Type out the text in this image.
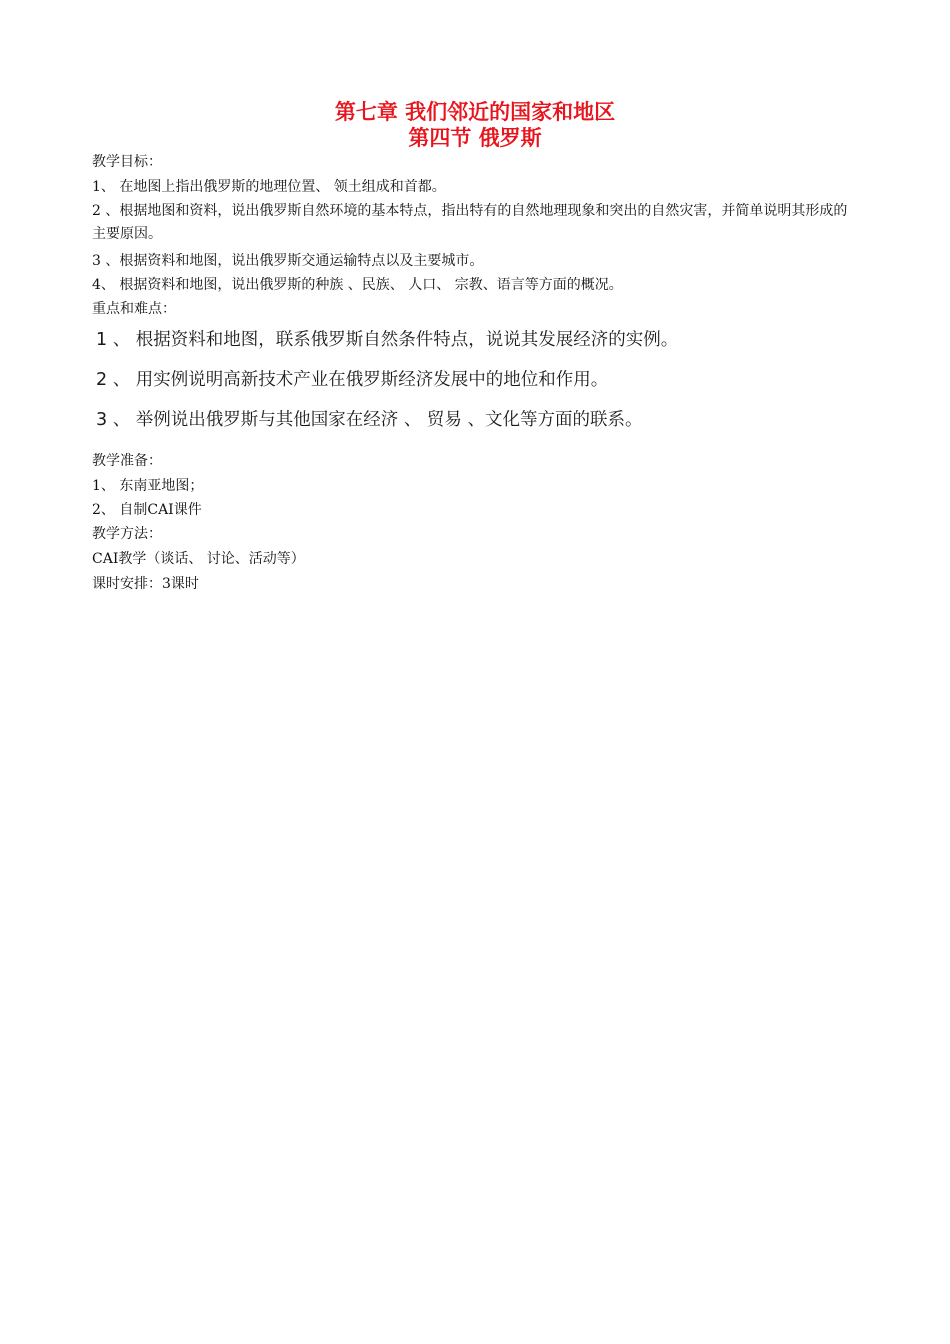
第七章 我们邻近的国家和地区
第四节 俄罗斯
教学目标：
1、 在地图上指出俄罗斯的地理位置、 领土组成和首都。
2 、根据地图和资料，说出俄罗斯自然环境的基本特点，指出特有的自然地理现象和突出的自然灾害，并简单说明其形成的主要原因。
3 、根据资料和地图，说出俄罗斯交通运输特点以及主要城市。
4、 根据资料和地图，说出俄罗斯的种族 、民族、 人口、 宗教、语言等方面的概况。
重点和难点：
1 、 根据资料和地图，联系俄罗斯自然条件特点，说说其发展经济的实例。
2 、 用实例说明高新技术产业在俄罗斯经济发展中的地位和作用。
3 、 举例说出俄罗斯与其他国家在经济 、 贸易 、文化等方面的联系。
教学准备：
1、 东南亚地图；
2、 自制CAI课件
教学方法：
CAI教学（谈话、 讨论、活动等）
课时安排：3课时
